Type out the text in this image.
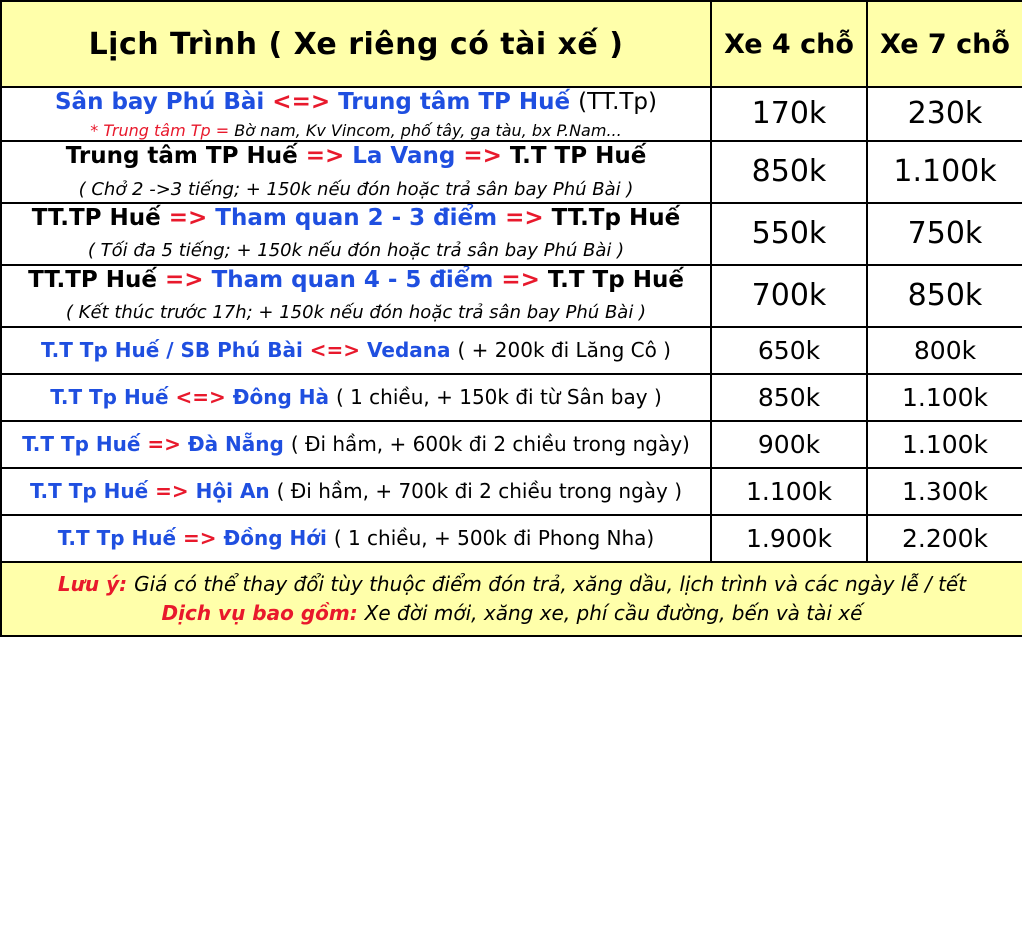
Lịch Trình ( Xe riêng có tài xế )	Xe 4 chỗ	Xe 7 chỗ

Sân bay Phú Bài <=> Trung tâm TP Huế (TT.Tp)
* Trung tâm Tp = Bờ nam, Kv Vincom, phố tây, ga tàu, bx P.Nam...	170k	230k

Trung tâm TP Huế => La Vang => T.T TP Huế
( Chở 2 ->3 tiếng; + 150k nếu đón hoặc trả sân bay Phú Bài )	850k	1.100k

TT.TP Huế => Tham quan 2 - 3 điểm => TT.Tp Huế
( Tối đa 5 tiếng; + 150k nếu đón hoặc trả sân bay Phú Bài )	550k	750k

TT.TP Huế => Tham quan 4 - 5 điểm => T.T Tp Huế
( Kết thúc trước 17h; + 150k nếu đón hoặc trả sân bay Phú Bài )	700k	850k

T.T Tp Huế / SB Phú Bài <=> Vedana ( + 200k đi Lăng Cô )	650k	800k

T.T Tp Huế <=> Đông Hà ( 1 chiều, + 150k đi từ Sân bay )	850k	1.100k

T.T Tp Huế => Đà Nẵng ( Đi hầm, + 600k đi 2 chiều trong ngày)	900k	1.100k

T.T Tp Huế => Hội An ( Đi hầm, + 700k đi 2 chiều trong ngày )	1.100k	1.300k

T.T Tp Huế => Đồng Hới ( 1 chiều, + 500k đi Phong Nha)	1.900k	2.200k

Lưu ý: Giá có thể thay đổi tùy thuộc điểm đón trả, xăng dầu, lịch trình và các ngày lễ / tết
Dịch vụ bao gồm: Xe đời mới, xăng xe, phí cầu đường, bến và tài xế		
